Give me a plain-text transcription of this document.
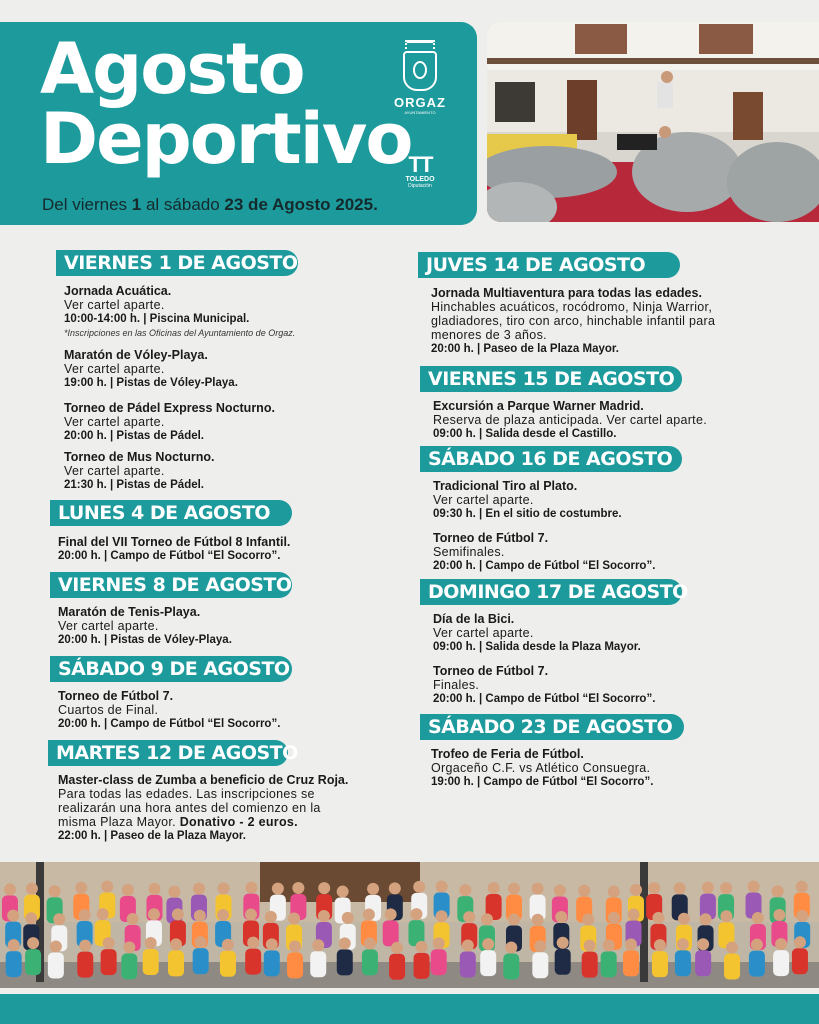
Agosto
Deportivo
ORGAZ
AYUNTAMIENTO
TT
TOLEDO
Diputación

Del viernes 1 al sábado 23 de Agosto 2025.

VIERNES 1 DE AGOSTO
Jornada Acuática.
Ver cartel aparte.
10:00-14:00 h. | Piscina Municipal.
*Inscripciones en las Oficinas del Ayuntamiento de Orgaz.
Maratón de Vóley-Playa.
Ver cartel aparte.
19:00 h. | Pistas de Vóley-Playa.
Torneo de Pádel Express Nocturno.
Ver cartel aparte.
20:00 h. | Pistas de Pádel.
Torneo de Mus Nocturno.
Ver cartel aparte.
21:30 h. | Pistas de Pádel.
LUNES 4 DE AGOSTO
Final del VII Torneo de Fútbol 8 Infantil.
20:00 h. | Campo de Fútbol “El Socorro”.
VIERNES 8 DE AGOSTO
Maratón de Tenis-Playa.
Ver cartel aparte.
20:00 h. | Pistas de Vóley-Playa.
SÁBADO 9 DE AGOSTO
Torneo de Fútbol 7.
Cuartos de Final.
20:00 h. | Campo de Fútbol “El Socorro”.
MARTES 12 DE AGOSTO
Master-class de Zumba a beneficio de Cruz Roja.
Para todas las edades. Las inscripciones se
realizarán una hora antes del comienzo en la
misma Plaza Mayor. Donativo - 2 euros.
22:00 h. | Paseo de la Plaza Mayor.
JUVES 14 DE AGOSTO
Jornada Multiaventura para todas las edades.
Hinchables acuáticos, rocódromo, Ninja Warrior,
gladiadores, tiro con arco, hinchable infantil para
menores de 3 años.
20:00 h. | Paseo de la Plaza Mayor.
VIERNES 15 DE AGOSTO
Excursión a Parque Warner Madrid.
Reserva de plaza anticipada. Ver cartel aparte.
09:00 h. | Salida desde el Castillo.
SÁBADO 16 DE AGOSTO
Tradicional Tiro al Plato.
Ver cartel aparte.
09:30 h. | En el sitio de costumbre.
Torneo de Fútbol 7.
Semifinales.
20:00 h. | Campo de Fútbol “El Socorro”.
DOMINGO 17 DE AGOSTO
Día de la Bici.
Ver cartel aparte.
09:00 h. | Salida desde la Plaza Mayor.
Torneo de Fútbol 7.
Finales.
20:00 h. | Campo de Fútbol “El Socorro”.
SÁBADO 23 DE AGOSTO
Trofeo de Feria de Fútbol.
Orgaceño C.F. vs Atlético Consuegra.
19:00 h. | Campo de Fútbol “El Socorro”.
